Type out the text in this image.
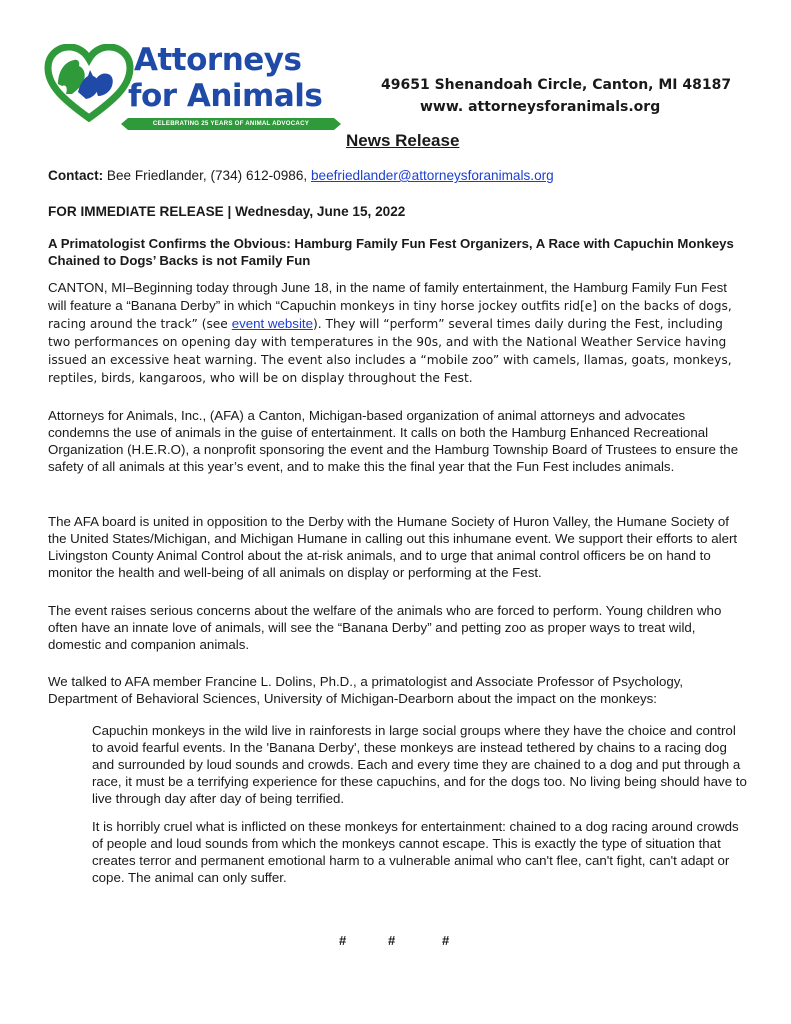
Attorneys
for Animals
CELEBRATING 25 YEARS OF ANIMAL ADVOCACY
49651 Shenandoah Circle, Canton, MI 48187
www. attorneysforanimals.org
News Release

Contact: Bee Friedlander, (734) 612-0986, beefriedlander@attorneysforanimals.org

FOR IMMEDIATE RELEASE | Wednesday, June 15, 2022

A Primatologist Confirms the Obvious: Hamburg Family Fun Fest Organizers, A Race with Capuchin Monkeys Chained to Dogs’ Backs is not Family Fun

CANTON, MI–Beginning today through June 18, in the name of family entertainment, the Hamburg Family Fun Fest will feature a “Banana Derby” in which “Capuchin monkeys in tiny horse jockey outfits rid[e] on the backs of dogs, racing around the track” (see event website). They will “perform” several times daily during the Fest, including two performances on opening day with temperatures in the 90s, and with the National Weather Service having issued an excessive heat warning. The event also includes a “mobile zoo” with camels, llamas, goats, monkeys, reptiles, birds, kangaroos, who will be on display throughout the Fest.

Attorneys for Animals, Inc., (AFA) a Canton, Michigan-based organization of animal attorneys and advocates condemns the use of animals in the guise of entertainment. It calls on both the Hamburg Enhanced Recreational Organization (H.E.R.O), a nonprofit sponsoring the event and the Hamburg Township Board of Trustees to ensure the safety of all animals at this year’s event, and to make this the final year that the Fun Fest includes animals.

The AFA board is united in opposition to the Derby with the Humane Society of Huron Valley, the Humane Society of the United States/Michigan, and Michigan Humane in calling out this inhumane event. We support their efforts to alert Livingston County Animal Control about the at-risk animals, and to urge that animal control officers be on hand to monitor the health and well-being of all animals on display or performing at the Fest.

The event raises serious concerns about the welfare of the animals who are forced to perform. Young children who often have an innate love of animals, will see the “Banana Derby” and petting zoo as proper ways to treat wild, domestic and companion animals.

We talked to AFA member Francine L. Dolins, Ph.D., a primatologist and Associate Professor of Psychology, Department of Behavioral Sciences, University of Michigan-Dearborn about the impact on the monkeys:

Capuchin monkeys in the wild live in rainforests in large social groups where they have the choice and control to avoid fearful events. In the 'Banana Derby', these monkeys are instead tethered by chains to a racing dog and surrounded by loud sounds and crowds. Each and every time they are chained to a dog and put through a race, it must be a terrifying experience for these capuchins, and for the dogs too. No living being should have to live through day after day of being terrified.

It is horribly cruel what is inflicted on these monkeys for entertainment: chained to a dog racing around crowds of people and loud sounds from which the monkeys cannot escape. This is exactly the type of situation that creates terror and permanent emotional harm to a vulnerable animal who can't flee, can't fight, can't adapt or cope. The animal can only suffer.

#	#	#
